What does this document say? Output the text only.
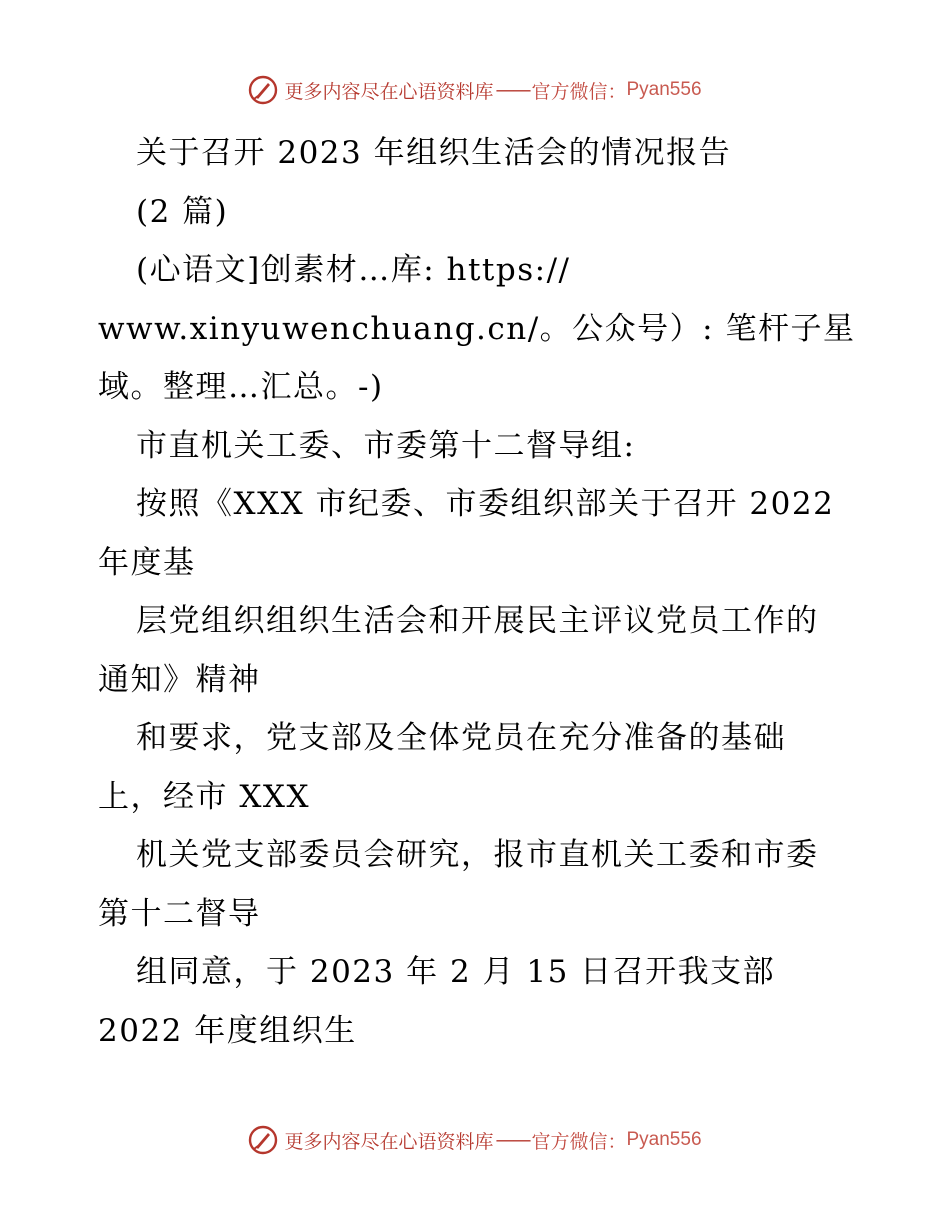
更多内容尽在心语资料库 —— 官方微信： Pyan556
关于召开 2023 年组织生活会的情况报告
(2 篇)
(心语文]创素材…库: https://
www.xinyuwenchuang.cn/。公众号）: 笔杆子星
域。整理…汇总。-)
市直机关工委、市委第十二督导组:
按照《XXX 市纪委、市委组织部关于召开 2022
年度基
层党组织组织生活会和开展民主评议党员工作的
通知》精神
和要求，党支部及全体党员在充分准备的基础
上，经市 XXX
机关党支部委员会研究，报市直机关工委和市委
第十二督导
组同意，于 2023 年 2 月 15 日召开我支部
2022 年度组织生
更多内容尽在心语资料库 —— 官方微信： Pyan556
